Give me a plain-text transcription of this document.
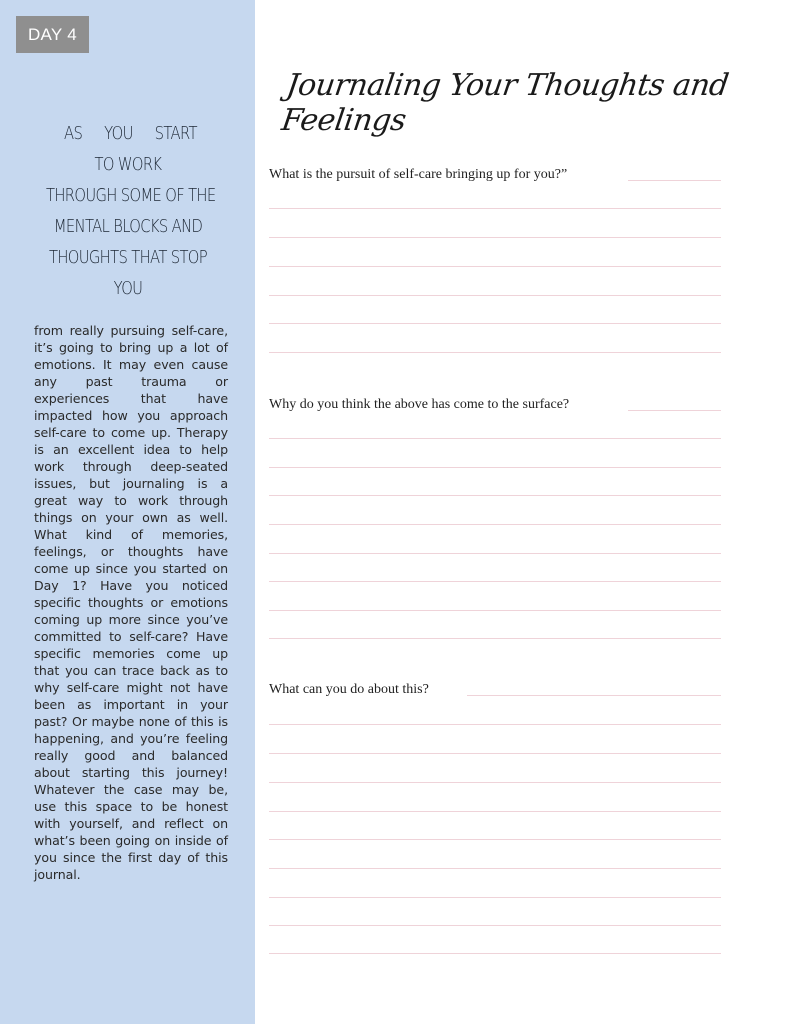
DAY 4
AS YOU START
TO WORK
THROUGH SOME OF THE
MENTAL BLOCKS AND
THOUGHTS THAT STOP
YOU
from really pursuing self-care, it’s going to bring up a lot of emotions. It may even cause any past trauma or experiences that have impacted how you approach self-care to come up. Therapy is an excellent idea to help work through deep-seated issues, but journaling is a great way to work through things on your own as well. What kind of memories, feelings, or thoughts have come up since you started on Day 1? Have you noticed specific thoughts or emotions coming up more since you’ve committed to self-care? Have specific memories come up that you can trace back as to why self-care might not have been as important in your past? Or maybe none of this is happening, and you’re feeling really good and balanced about starting this journey! Whatever the case may be, use this space to be honest with yourself, and reflect on what’s been going on inside of you since the first day of this journal.
Journaling Your Thoughts and Feelings
What is the pursuit of self-care bringing up for you?”
Why do you think the above has come to the surface?
What can you do about this?
